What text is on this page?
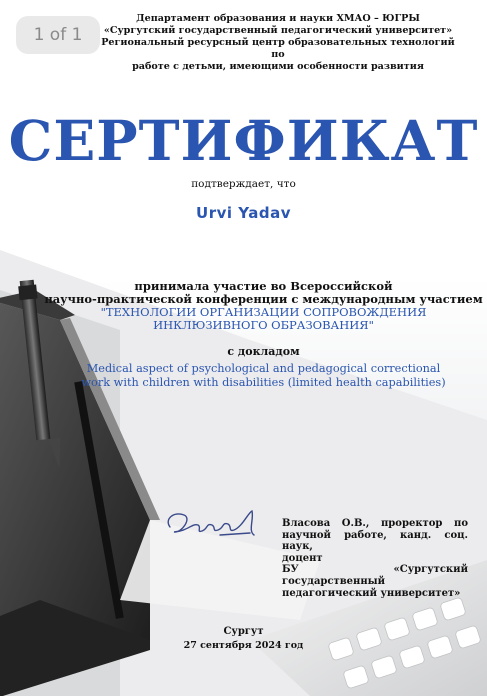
1 of 1
Департамент образования и науки ХМАО – ЮГРЫ
«Сургутский государственный педагогический университет»
Региональный ресурсный центр образовательных технологий по
работе с детьми, имеющими особенности развития
СЕРТИФИКАТ
подтверждает, что
Urvi Yadav
принимала участие во Всероссийской
научно-практической конференции с международным участием
"ТЕХНОЛОГИИ ОРГАНИЗАЦИИ СОПРОВОЖДЕНИЯ
ИНКЛЮЗИВНОГО ОБРАЗОВАНИЯ"
с докладом
Medical aspect of psychological and pedagogical correctional
work with children with disabilities (limited health capabilities)
Власова О.В., проректор по
научной работе, канд. соц. наук,
доцент
БУ «Сургутский государственный
педагогический университет»
Сургут
27 сентября 2024 год
